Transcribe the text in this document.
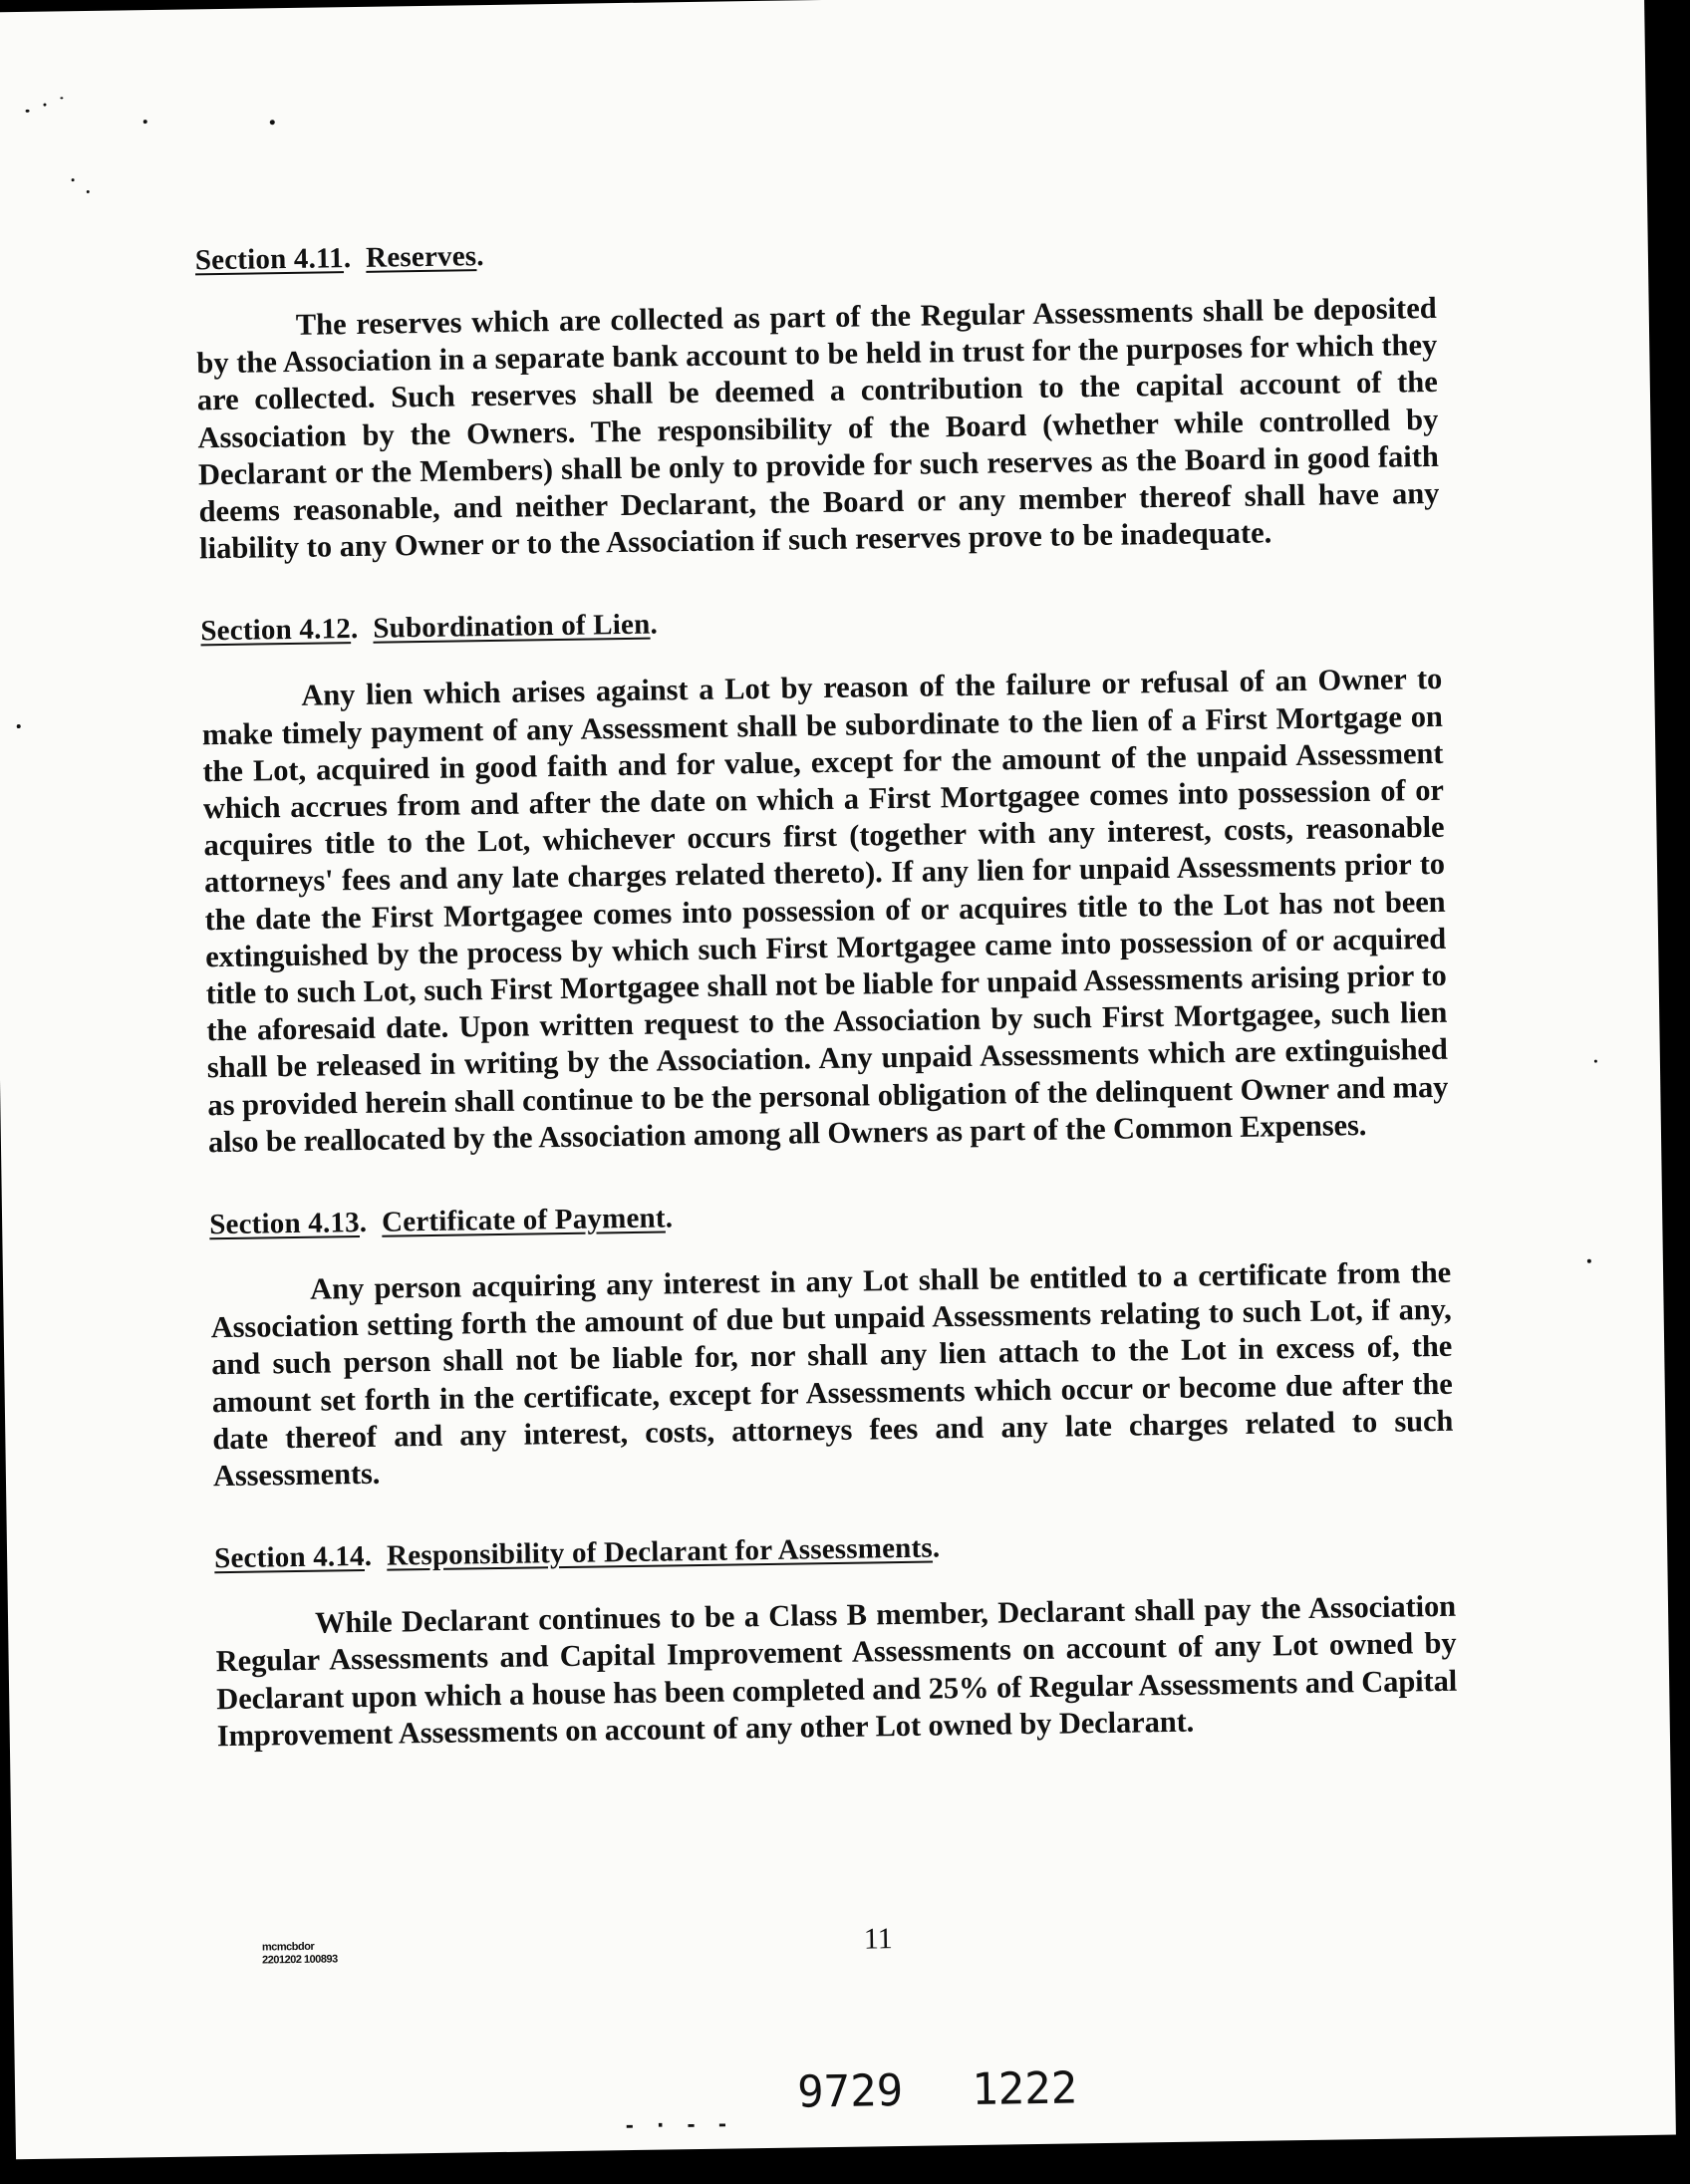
Section 4.11.  Reserves.

The reserves which are collected as part of the Regular Assessments shall be deposited by the Association in a separate bank account to be held in trust for the purposes for which they are collected. Such reserves shall be deemed a contribution to the capital account of the Association by the Owners. The responsibility of the Board (whether while controlled by Declarant or the Members) shall be only to provide for such reserves as the Board in good faith deems reasonable, and neither Declarant, the Board or any member thereof shall have any liability to any Owner or to the Association if such reserves prove to be inadequate.

Section 4.12.  Subordination of Lien.

Any lien which arises against a Lot by reason of the failure or refusal of an Owner to make timely payment of any Assessment shall be subordinate to the lien of a First Mortgage on the Lot, acquired in good faith and for value, except for the amount of the unpaid Assessment which accrues from and after the date on which a First Mortgagee comes into possession of or acquires title to the Lot, whichever occurs first (together with any interest, costs, reasonable attorneys' fees and any late charges related thereto). If any lien for unpaid Assessments prior to the date the First Mortgagee comes into possession of or acquires title to the Lot has not been extinguished by the process by which such First Mortgagee came into possession of or acquired title to such Lot, such First Mortgagee shall not be liable for unpaid Assessments arising prior to the aforesaid date. Upon written request to the Association by such First Mortgagee, such lien shall be released in writing by the Association. Any unpaid Assessments which are extinguished as provided herein shall continue to be the personal obligation of the delinquent Owner and may also be reallocated by the Association among all Owners as part of the Common Expenses.

Section 4.13.  Certificate of Payment.

Any person acquiring any interest in any Lot shall be entitled to a certificate from the Association setting forth the amount of due but unpaid Assessments relating to such Lot, if any, and such person shall not be liable for, nor shall any lien attach to the Lot in excess of, the amount set forth in the certificate, except for Assessments which occur or become due after the date thereof and any interest, costs, attorneys fees and any late charges related to such Assessments.

Section 4.14.  Responsibility of Declarant for Assessments.

While Declarant continues to be a Class B member, Declarant shall pay the Association Regular Assessments and Capital Improvement Assessments on account of any Lot owned by Declarant upon which a house has been completed and 25% of Regular Assessments and Capital Improvement Assessments on account of any other Lot owned by Declarant.

mcmcbdor
2201202 100893
11
- · - -
9729 1222
